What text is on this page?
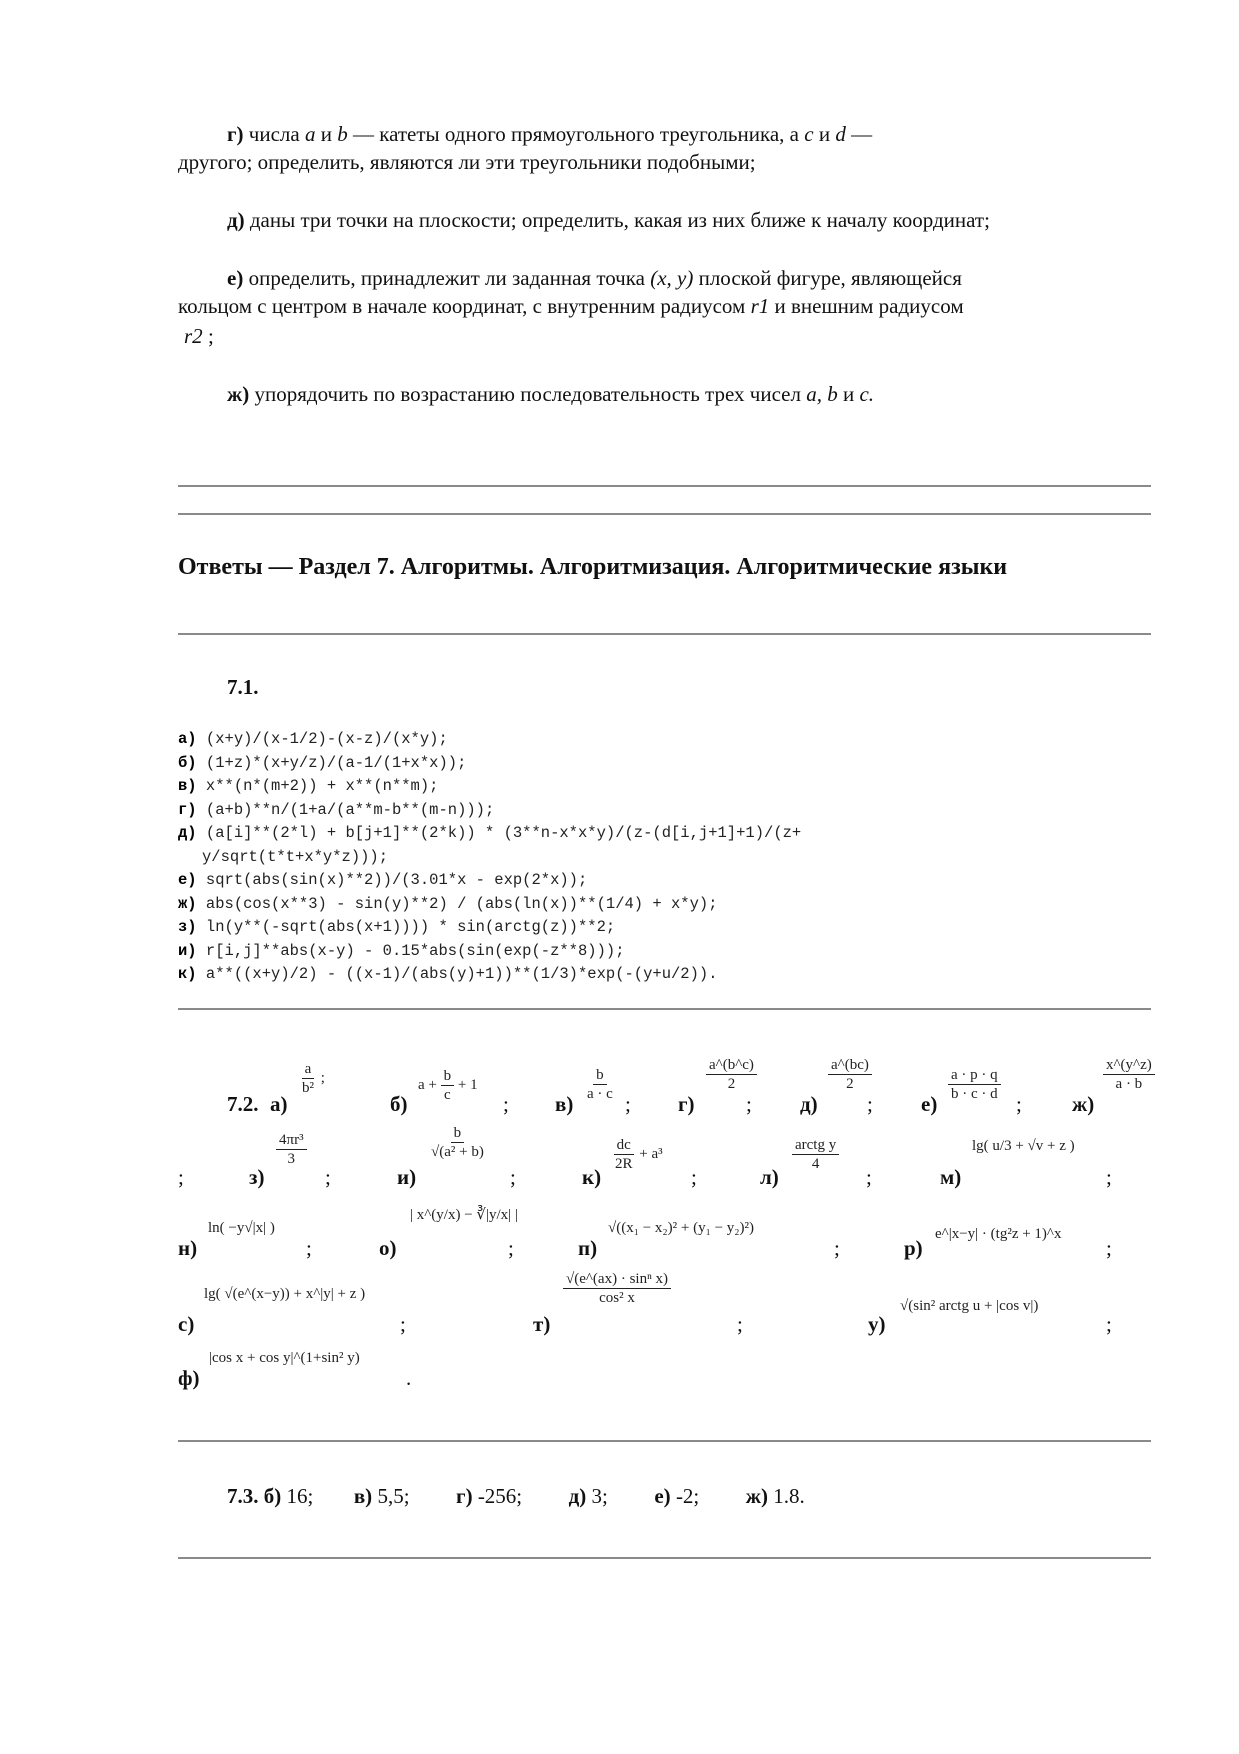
г) числа a и b — катеты одного прямоугольного треугольника, а c и d —
другого; определить, являются ли эти треугольники подобными;
д) даны три точки на плоскости; определить, какая из них ближе к началу координат;
е) определить, принадлежит ли заданная точка (x, y) плоской фигуре, являющейся
кольцом с центром в начале координат, с внутренним радиусом r1 и внешним радиусом
r2 ;
ж) упорядочить по возрастанию последовательность трех чисел a, b и c.
Ответы — Раздел 7. Алгоритмы. Алгоритмизация. Алгоритмические языки
7.1.
а) (x+y)/(x-1/2)-(x-z)/(x*y);
б) (1+z)*(x+y/z)/(a-1/(1+x*x));
в) x**(n*(m+2)) + x**(n**m);
г) (a+b)**n/(1+a/(a**m-b**(m-n)));
д) (a[i]**(2*l) + b[j+1]**(2*k)) * (3**n-x*x*y)/(z-(d[i,j+1]+1)/(z+
y/sqrt(t*t+x*y*z)));
е) sqrt(abs(sin(x)**2))/(3.01*x - exp(2*x));
ж) abs(cos(x**3) - sin(y)**2) / (abs(ln(x))**(1/4) + x*y);
з) ln(y**(-sqrt(abs(x+1)))) * sin(arctg(z))**2;
и) r[i,j]**abs(x-y) - 0.15*abs(sin(exp(-z**8)));
к) a**((x+y)/2) - ((x-1)/(abs(y)+1))**(1/3)*exp(-(y+u/2)).
7.2. а)
$\frac{a}{\text{b²}}$ ;
б)
$a + \frac{b}{c} + 1$
; в)
$\frac{b}{a \cdot c}$
; г)
$\frac{a\^{}(b\^{}c)}{2}$
; д)
$\frac{a\^{}(bc)}{2}$
; е)
$\frac{a \cdot p \cdot q}{b \cdot c \cdot d}$
; ж)
$\frac{x\^{}(y\^{}z)}{a \cdot b}$
;	з)
$\frac{\text{4πr³}}{3}$
;	и)
$\frac{b}{\text{√(a² + b)}}$
;	к)
$\frac{dc}{2R} + a^3$
;	л)
$\frac{\text{arctg y}}{4}$
;	м)
lg( u/3 + √v + z )
;
н)
ln( −y√|x| )
;	о)
| x^(y/x) − ∛|y/x| |
;	п)
√((x₁ − x₂)² + (y₁ − y₂)²)
;	р)
e^|x−y| · (tg²z + 1)^x
;
с)
lg( √(e^(x−y)) + x^|y| + z )
;	т)
$\frac{\text{√(e\textasciicircum{}(ax) · sinⁿ x)}}{\text{cos² x}}$
;	у)
√(sin² arctg u + |cos v|)
;
ф)
|cos x + cos y|^(1+sin² y)
.
7.3. б) 16; в) 5,5; г) -256; д) 3; е) -2; ж) 1.8.
